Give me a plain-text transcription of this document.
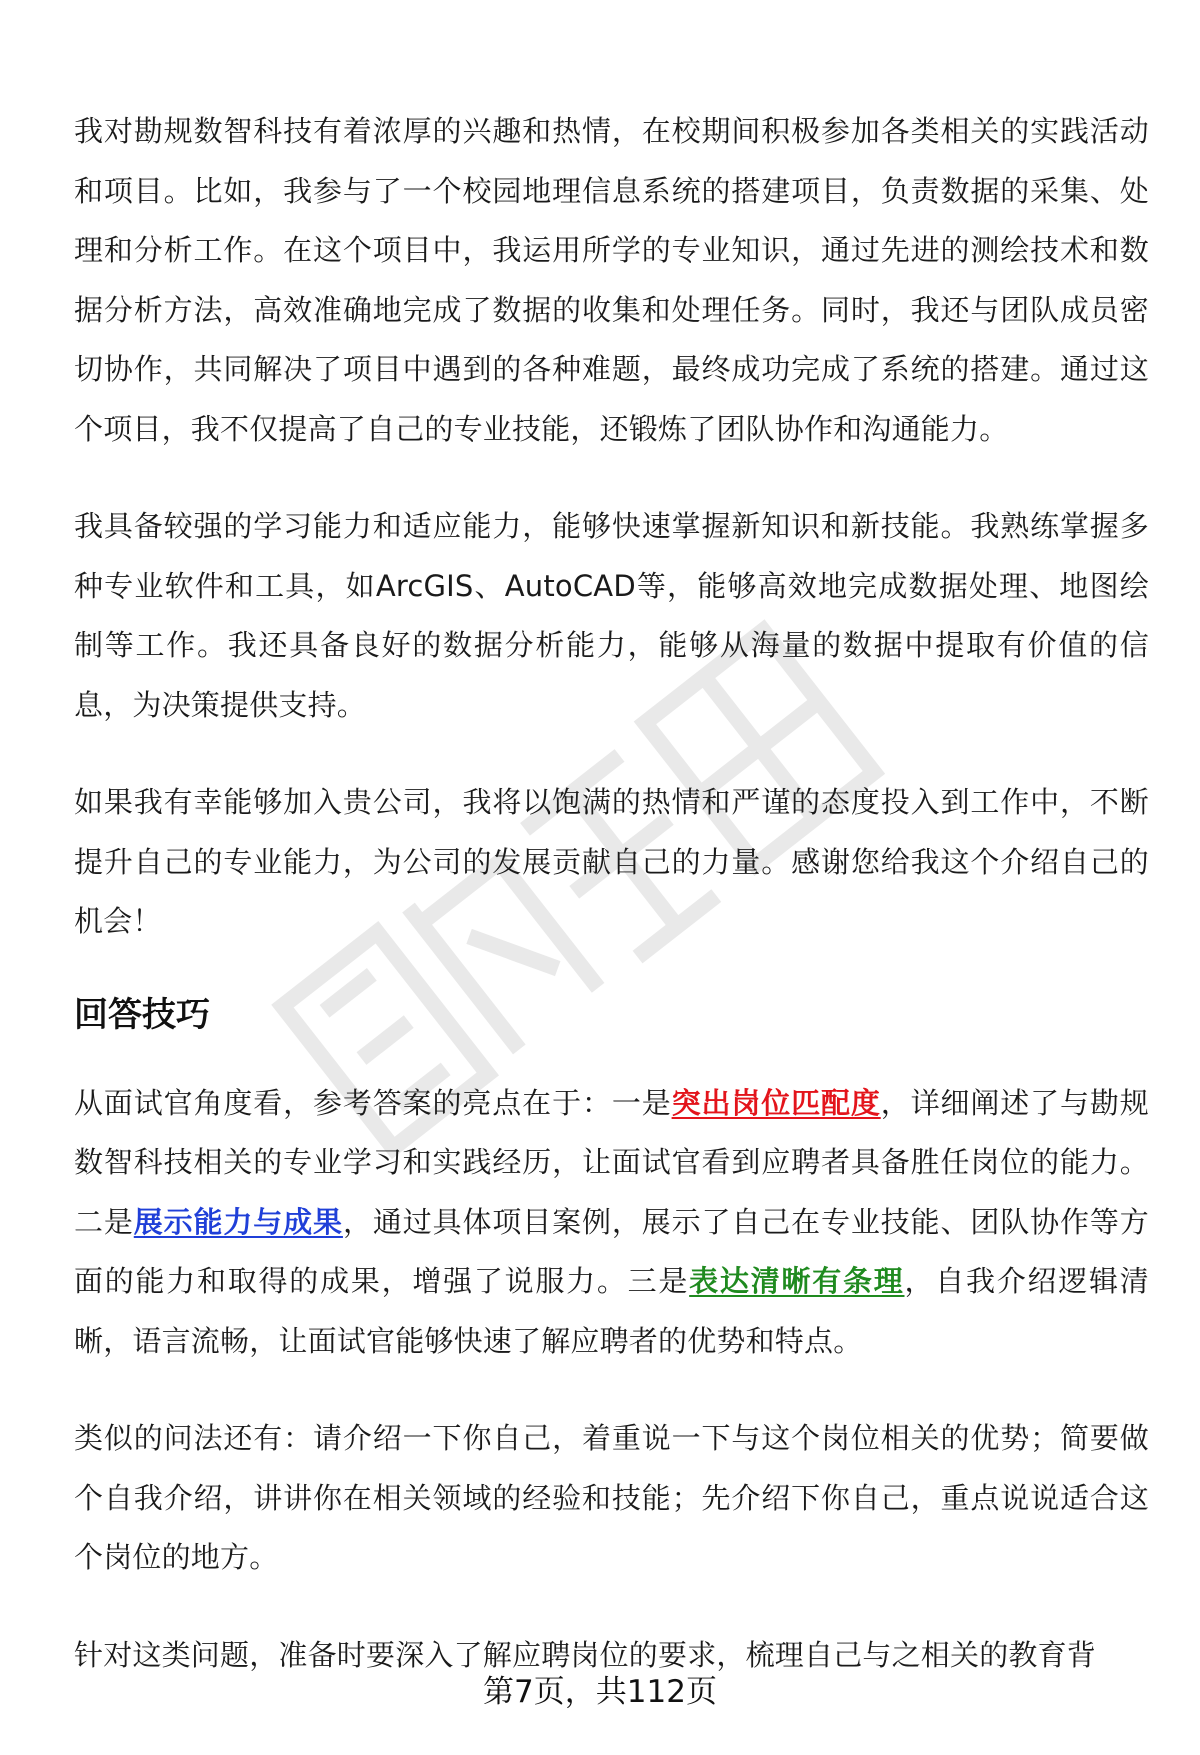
我对勘规数智科技有着浓厚的兴趣和热情，在校期间积极参加各类相关的实践活动和项目。比如，我参与了一个校园地理信息系统的搭建项目，负责数据的采集、处理和分析工作。在这个项目中，我运用所学的专业知识，通过先进的测绘技术和数据分析方法，高效准确地完成了数据的收集和处理任务。同时，我还与团队成员密切协作，共同解决了项目中遇到的各种难题，最终成功完成了系统的搭建。通过这个项目，我不仅提高了自己的专业技能，还锻炼了团队协作和沟通能力。

我具备较强的学习能力和适应能力，能够快速掌握新知识和新技能。我熟练掌握多种专业软件和工具，如ArcGIS、AutoCAD等，能够高效地完成数据处理、地图绘制等工作。我还具备良好的数据分析能力，能够从海量的数据中提取有价值的信息，为决策提供支持。

如果我有幸能够加入贵公司，我将以饱满的热情和严谨的态度投入到工作中，不断提升自己的专业能力，为公司的发展贡献自己的力量。感谢您给我这个介绍自己的机会！

回答技巧

从面试官角度看，参考答案的亮点在于：一是突出岗位匹配度，详细阐述了与勘规数智科技相关的专业学习和实践经历，让面试官看到应聘者具备胜任岗位的能力。二是展示能力与成果，通过具体项目案例，展示了自己在专业技能、团队协作等方面的能力和取得的成果，增强了说服力。三是表达清晰有条理，自我介绍逻辑清晰，语言流畅，让面试官能够快速了解应聘者的优势和特点。

类似的问法还有：请介绍一下你自己，着重说一下与这个岗位相关的优势；简要做个自我介绍，讲讲你在相关领域的经验和技能；先介绍下你自己，重点说说适合这个岗位的地方。

针对这类问题，准备时要深入了解应聘岗位的要求，梳理自己与之相关的教育背

第7页，共112页
